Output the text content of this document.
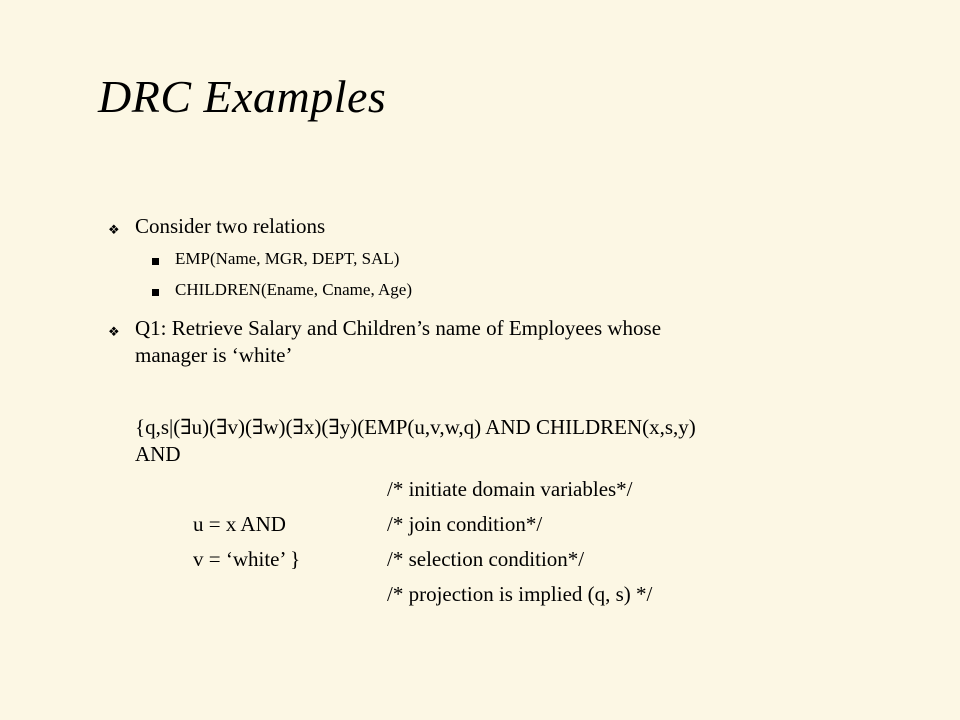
DRC Examples
❖ Consider two relations
EMP(Name, MGR, DEPT, SAL)
CHILDREN(Ename, Cname, Age)
❖ Q1: Retrieve Salary and Children’s name of Employees whose
manager is ‘white’
{q,s|(∃u)(∃v)(∃w)(∃x)(∃y)(EMP(u,v,w,q) AND CHILDREN(x,s,y)
AND
/* initiate domain variables*/
u = x AND	/* join condition*/
v = ‘white’ }	/* selection condition*/
/* projection is implied (q, s) */
